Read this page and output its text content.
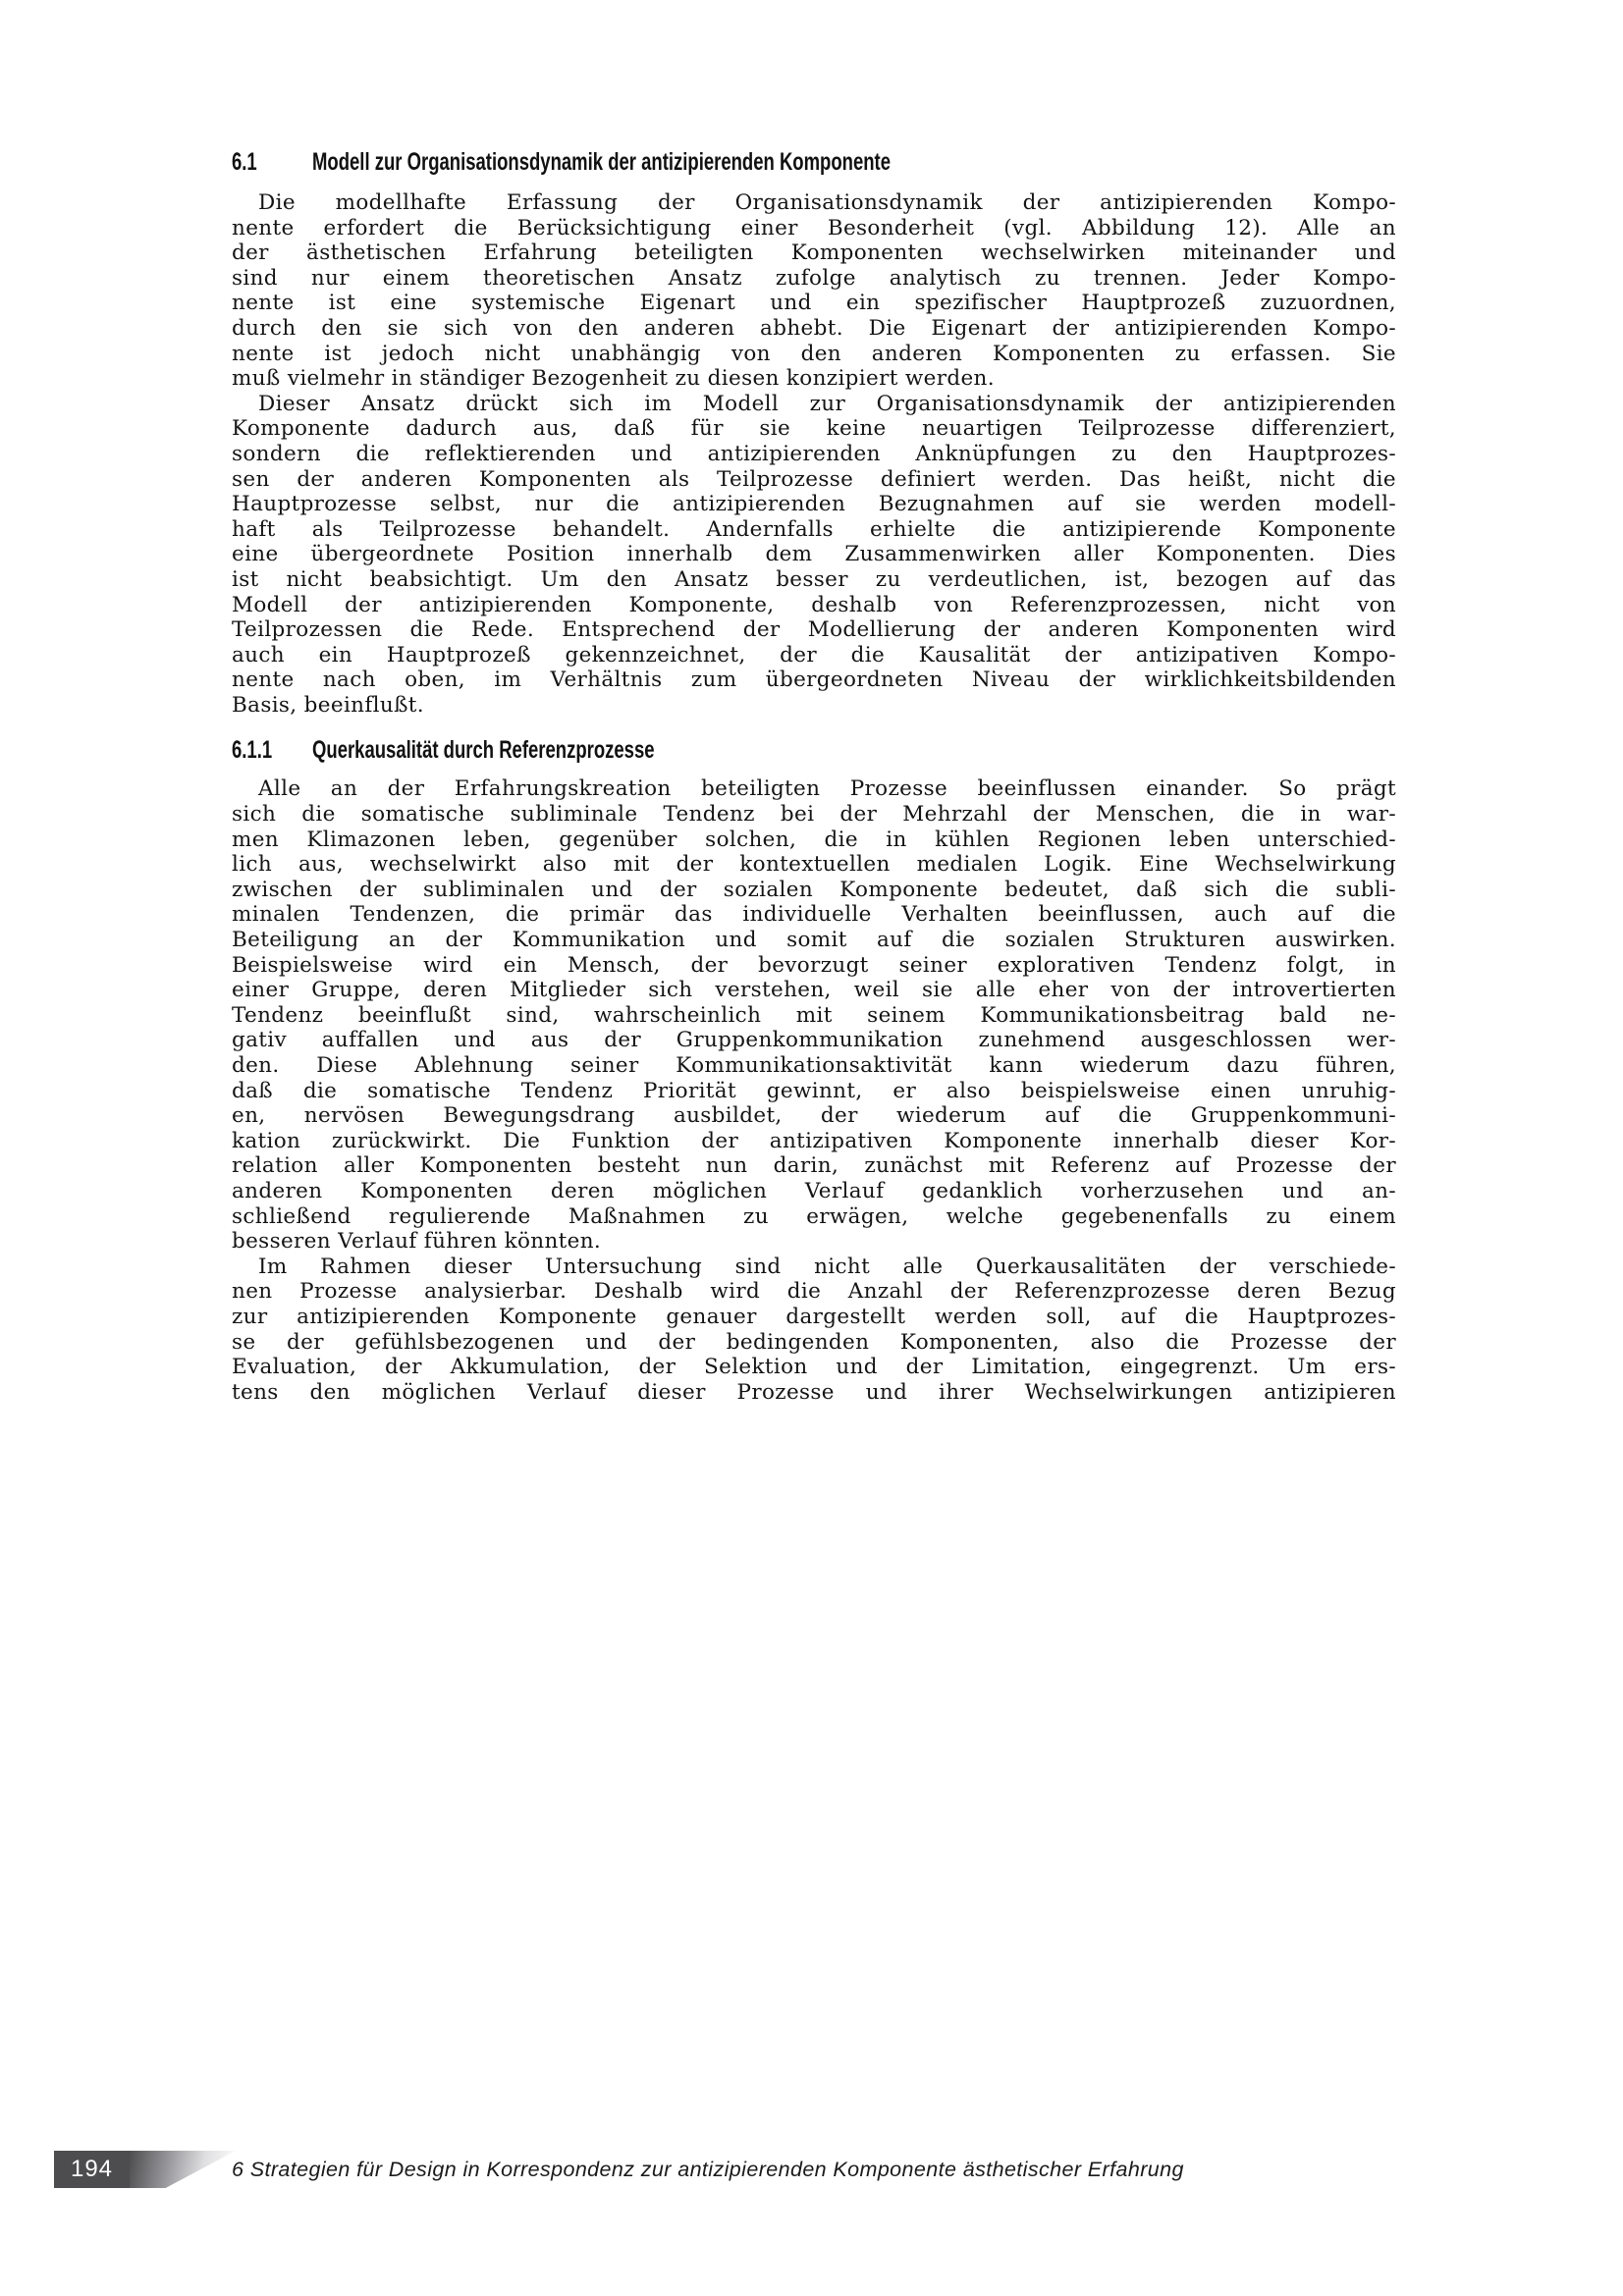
6.1	Modell zur Organisationsdynamik der antizipierenden Komponente
Die modellhafte Erfassung der Organisationsdynamik der antizipierenden Kompo-
nente erfordert die Berücksichtigung einer Besonderheit (vgl. Abbildung 12). Alle an
der ästhetischen Erfahrung beteiligten Komponenten wechselwirken miteinander und
sind nur einem theoretischen Ansatz zufolge analytisch zu trennen. Jeder Kompo-
nente ist eine systemische Eigenart und ein spezifischer Hauptprozeß zuzuordnen,
durch den sie sich von den anderen abhebt. Die Eigenart der antizipierenden Kompo-
nente ist jedoch nicht unabhängig von den anderen Komponenten zu erfassen. Sie
muß vielmehr in ständiger Bezogenheit zu diesen konzipiert werden.
Dieser Ansatz drückt sich im Modell zur Organisationsdynamik der antizipierenden
Komponente dadurch aus, daß für sie keine neuartigen Teilprozesse differenziert,
sondern die reflektierenden und antizipierenden Anknüpfungen zu den Hauptprozes-
sen der anderen Komponenten als Teilprozesse definiert werden. Das heißt, nicht die
Hauptprozesse selbst, nur die antizipierenden Bezugnahmen auf sie werden modell-
haft als Teilprozesse behandelt. Andernfalls erhielte die antizipierende Komponente
eine übergeordnete Position innerhalb dem Zusammenwirken aller Komponenten. Dies
ist nicht beabsichtigt. Um den Ansatz besser zu verdeutlichen, ist, bezogen auf das
Modell der antizipierenden Komponente, deshalb von Referenzprozessen, nicht von
Teilprozessen die Rede. Entsprechend der Modellierung der anderen Komponenten wird
auch ein Hauptprozeß gekennzeichnet, der die Kausalität der antizipativen Kompo-
nente nach oben, im Verhältnis zum übergeordneten Niveau der wirklichkeitsbildenden
Basis, beeinflußt.
6.1.1	Querkausalität durch Referenzprozesse
Alle an der Erfahrungskreation beteiligten Prozesse beeinflussen einander. So prägt
sich die somatische subliminale Tendenz bei der Mehrzahl der Menschen, die in war-
men Klimazonen leben, gegenüber solchen, die in kühlen Regionen leben unterschied-
lich aus, wechselwirkt also mit der kontextuellen medialen Logik. Eine Wechselwirkung
zwischen der subliminalen und der sozialen Komponente bedeutet, daß sich die subli-
minalen Tendenzen, die primär das individuelle Verhalten beeinflussen, auch auf die
Beteiligung an der Kommunikation und somit auf die sozialen Strukturen auswirken.
Beispielsweise wird ein Mensch, der bevorzugt seiner explorativen Tendenz folgt, in
einer Gruppe, deren Mitglieder sich verstehen, weil sie alle eher von der introvertierten
Tendenz beeinflußt sind, wahrscheinlich mit seinem Kommunikationsbeitrag bald ne-
gativ auffallen und aus der Gruppenkommunikation zunehmend ausgeschlossen wer-
den. Diese Ablehnung seiner Kommunikationsaktivität kann wiederum dazu führen,
daß die somatische Tendenz Priorität gewinnt, er also beispielsweise einen unruhig-
en, nervösen Bewegungsdrang ausbildet, der wiederum auf die Gruppenkommuni-
kation zurückwirkt. Die Funktion der antizipativen Komponente innerhalb dieser Kor-
relation aller Komponenten besteht nun darin, zunächst mit Referenz auf Prozesse der
anderen Komponenten deren möglichen Verlauf gedanklich vorherzusehen und an-
schließend regulierende Maßnahmen zu erwägen, welche gegebenenfalls zu einem
besseren Verlauf führen könnten.
Im Rahmen dieser Untersuchung sind nicht alle Querkausalitäten der verschiede-
nen Prozesse analysierbar. Deshalb wird die Anzahl der Referenzprozesse deren Bezug
zur antizipierenden Komponente genauer dargestellt werden soll, auf die Hauptprozes-
se der gefühlsbezogenen und der bedingenden Komponenten, also die Prozesse der
Evaluation, der Akkumulation, der Selektion und der Limitation, eingegrenzt. Um ers-
tens den möglichen Verlauf dieser Prozesse und ihrer Wechselwirkungen antizipieren
194	6 Strategien für Design in Korrespondenz zur antizipierenden Komponente ästhetischer Erfahrung
